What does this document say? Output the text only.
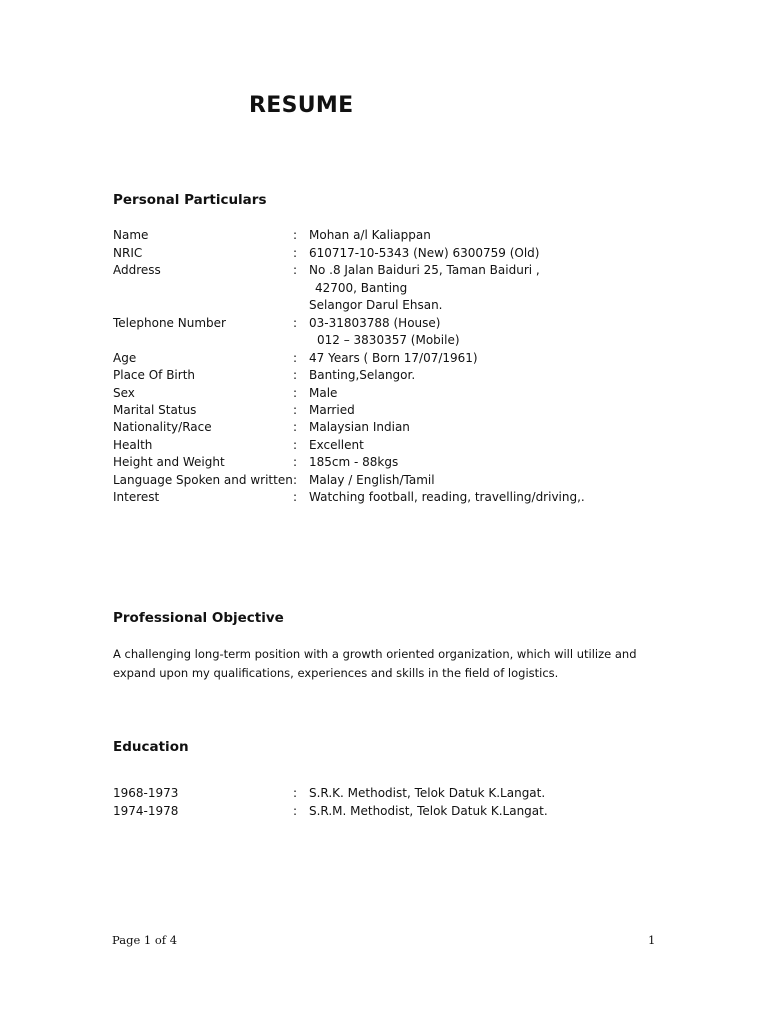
RESUME
Personal Particulars
Name	: Mohan a/l Kaliappan
NRIC	: 610717-10-5343 (New) 6300759 (Old)
Address	: No .8 Jalan Baiduri 25, Taman Baiduri ,
42700, Banting
Selangor Darul Ehsan.
Telephone Number	: 03-31803788 (House)
012 – 3830357 (Mobile)
Age	: 47 Years ( Born 17/07/1961)
Place Of Birth	: Banting,Selangor.
Sex	: Male
Marital Status	: Married
Nationality/Race	: Malaysian Indian
Health	: Excellent
Height and Weight	: 185cm - 88kgs
Language Spoken and written : Malay / English/Tamil
Interest	: Watching football, reading, travelling/driving,.
Professional Objective
A challenging long-term position with a growth oriented organization, which will utilize and
expand upon my qualifications, experiences and skills in the field of logistics.
Education
1968-1973	: S.R.K. Methodist, Telok Datuk K.Langat.
1974-1978	: S.R.M. Methodist, Telok Datuk K.Langat.
Page 1 of 4	1
